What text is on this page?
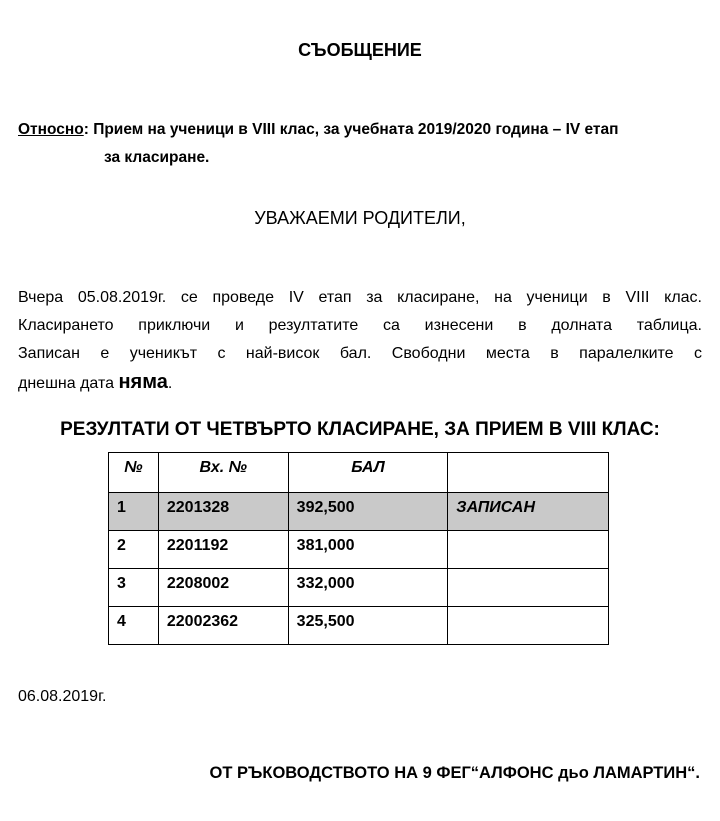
СЪОБЩЕНИЕ
Относно: Прием на ученици в VIII клас, за учебната 2019/2020 година – IV етап
за класиране.
УВАЖАЕМИ РОДИТЕЛИ,
Вчера 05.08.2019г. се проведе IV етап за класиране, на ученици в VIII клас.
Класирането приключи и резултатите са изнесени в долната таблица.
Записан е ученикът с най-висок бал. Свободни места в паралелките с
днешна дата няма.
РЕЗУЛТАТИ ОТ ЧЕТВЪРТО КЛАСИРАНЕ, ЗА ПРИЕМ В VIII КЛАС:
№	Вх. №	БАЛ	
1	2201328	392,500	ЗАПИСАН
2	2201192	381,000	
3	2208002	332,000	
4	22002362	325,500	
06.08.2019г.
ОТ РЪКОВОДСТВОТО НА 9 ФЕГ“АЛФОНС дьо ЛАМАРТИН“.
